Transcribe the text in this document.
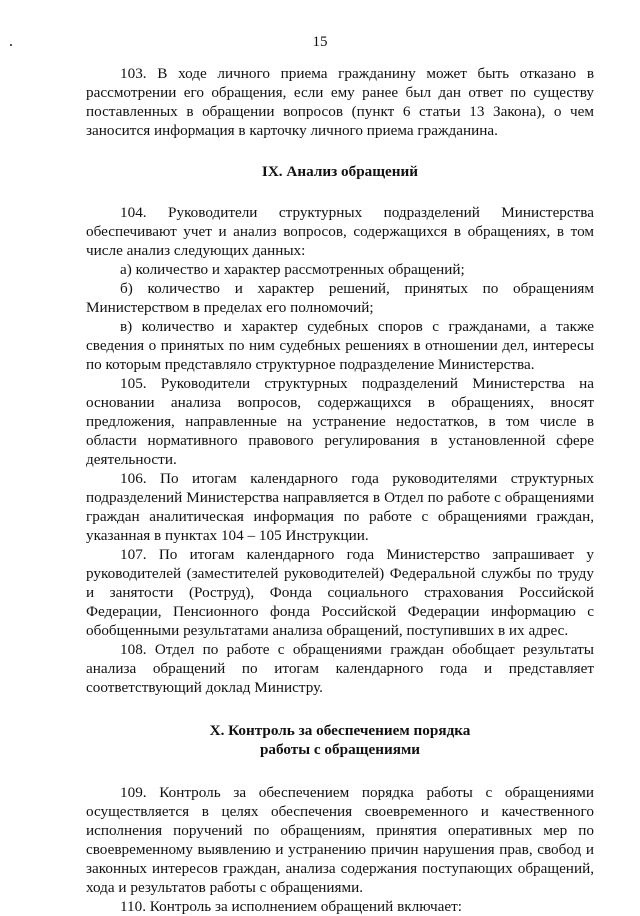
15

103. В ходе личного приема гражданину может быть отказано в рассмотрении его обращения, если ему ранее был дан ответ по существу поставленных в обращении вопросов (пункт 6 статьи 13 Закона), о чем заносится информация в карточку личного приема гражданина.

IX. Анализ обращений

104. Руководители структурных подразделений Министерства обеспечивают учет и анализ вопросов, содержащихся в обращениях, в том числе анализ следующих данных:

а) количество и характер рассмотренных обращений;

б) количество и характер решений, принятых по обращениям Министерством в пределах его полномочий;

в) количество и характер судебных споров с гражданами, а также сведения о принятых по ним судебных решениях в отношении дел, интересы по которым представляло структурное подразделение Министерства.

105. Руководители структурных подразделений Министерства на основании анализа вопросов, содержащихся в обращениях, вносят предложения, направленные на устранение недостатков, в том числе в области нормативного правового регулирования в установленной сфере деятельности.

106. По итогам календарного года руководителями структурных подразделений Министерства направляется в Отдел по работе с обращениями граждан аналитическая информация по работе с обращениями граждан, указанная в пунктах 104 – 105 Инструкции.

107. По итогам календарного года Министерство запрашивает у руководителей (заместителей руководителей) Федеральной службы по труду и занятости (Роструд), Фонда социального страхования Российской Федерации, Пенсионного фонда Российской Федерации информацию с обобщенными результатами анализа обращений, поступивших в их адрес.

108. Отдел по работе с обращениями граждан обобщает результаты анализа обращений по итогам календарного года и представляет соответствующий доклад Министру.

X. Контроль за обеспечением порядка
работы с обращениями

109. Контроль за обеспечением порядка работы с обращениями осуществляется в целях обеспечения своевременного и качественного исполнения поручений по обращениям, принятия оперативных мер по своевременному выявлению и устранению причин нарушения прав, свобод и законных интересов граждан, анализа содержания поступающих обращений, хода и результатов работы с обращениями.

110. Контроль за исполнением обращений включает:
